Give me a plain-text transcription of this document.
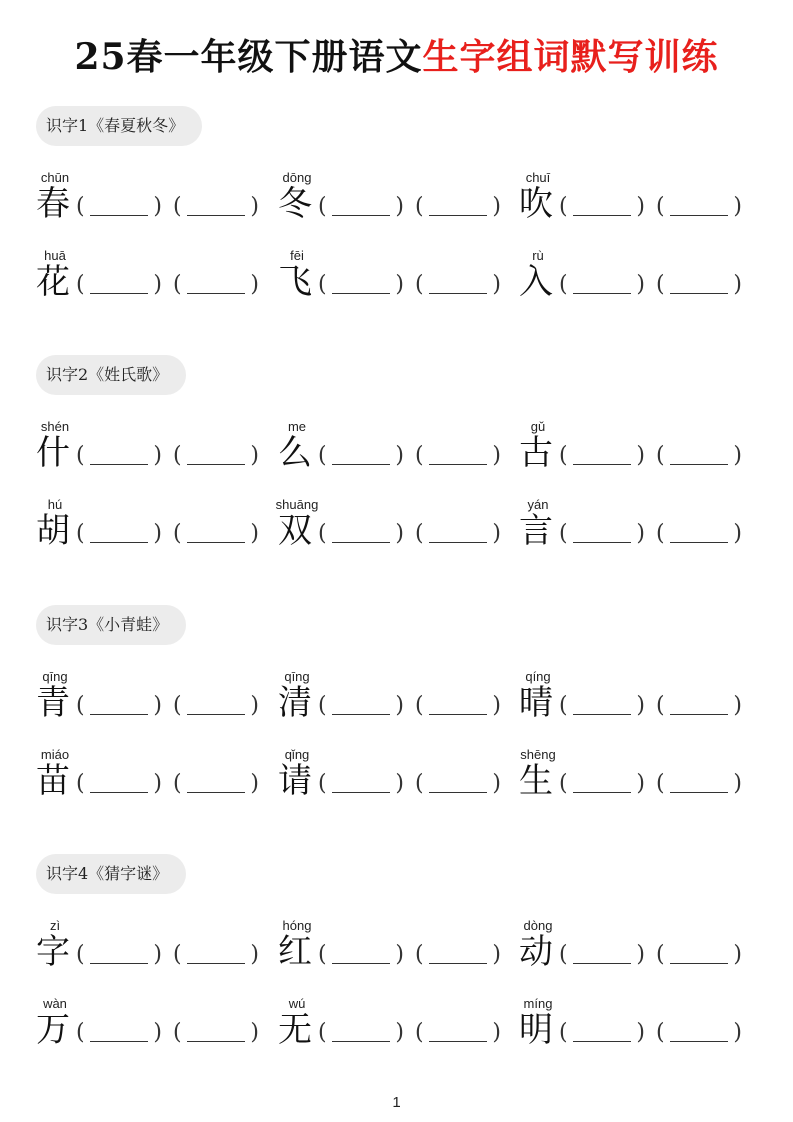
25春一年级下册语文生字组词默写训练
识字1《春夏秋冬》
chūn
春 (	) (	)
dōng
冬 (	) (	)
chuī
吹 (	) (	)
huā
花 (	) (	)
fēi
飞 (	) (	)
rù
入 (	) (	)
识字2《姓氏歌》
shén
什 (	) (	)
me
么 (	) (	)
gǔ
古 (	) (	)
hú
胡 (	) (	)
shuāng
双 (	) (	)
yán
言 (	) (	)
识字3《小青蛙》
qīng
青 (	) (	)
qīng
清 (	) (	)
qíng
晴 (	) (	)
miáo
苗 (	) (	)
qǐng
请 (	) (	)
shēng
生 (	) (	)
识字4《猜字谜》
zì
字 (	) (	)
hóng
红 (	) (	)
dòng
动 (	) (	)
wàn
万 (	) (	)
wú
无 (	) (	)
míng
明 (	) (	)
1
